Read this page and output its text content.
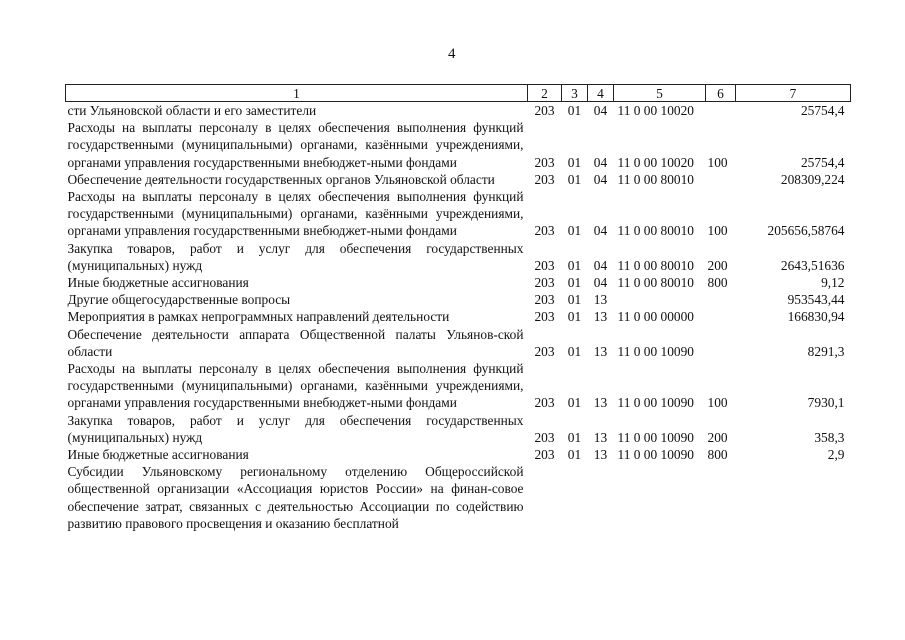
4
1	2	3	4	5	6	7
сти Ульяновской области и его заместители	203	01	04	11 0 00 10020		25754,4
Расходы на выплаты персоналу в целях обеспечения выполнения функций государственными (муниципальными) органами, казёнными учреждениями, органами управления государственными внебюджет-ными фондами	203	01	04	11 0 00 10020	100	25754,4
Обеспечение деятельности государственных органов Ульяновской области	203	01	04	11 0 00 80010		208309,224
Расходы на выплаты персоналу в целях обеспечения выполнения функций государственными (муниципальными) органами, казёнными учреждениями, органами управления государственными внебюджет-ными фондами	203	01	04	11 0 00 80010	100	205656,58764
Закупка товаров, работ и услуг для обеспечения государственных (муниципальных) нужд	203	01	04	11 0 00 80010	200	2643,51636
Иные бюджетные ассигнования	203	01	04	11 0 00 80010	800	9,12
Другие общегосударственные вопросы	203	01	13			953543,44
Мероприятия в рамках непрограммных направлений деятельности	203	01	13	11 0 00 00000		166830,94
Обеспечение деятельности аппарата Общественной палаты Ульянов-ской области	203	01	13	11 0 00 10090		8291,3
Расходы на выплаты персоналу в целях обеспечения выполнения функций государственными (муниципальными) органами, казёнными учреждениями, органами управления государственными внебюджет-ными фондами	203	01	13	11 0 00 10090	100	7930,1
Закупка товаров, работ и услуг для обеспечения государственных (муниципальных) нужд	203	01	13	11 0 00 10090	200	358,3
Иные бюджетные ассигнования	203	01	13	11 0 00 10090	800	2,9
Субсидии Ульяновскому региональному отделению Общероссийской общественной организации «Ассоциация юристов России» на финан-совое обеспечение затрат, связанных с деятельностью Ассоциации по содействию развитию правового просвещения и оказанию бесплатной						
